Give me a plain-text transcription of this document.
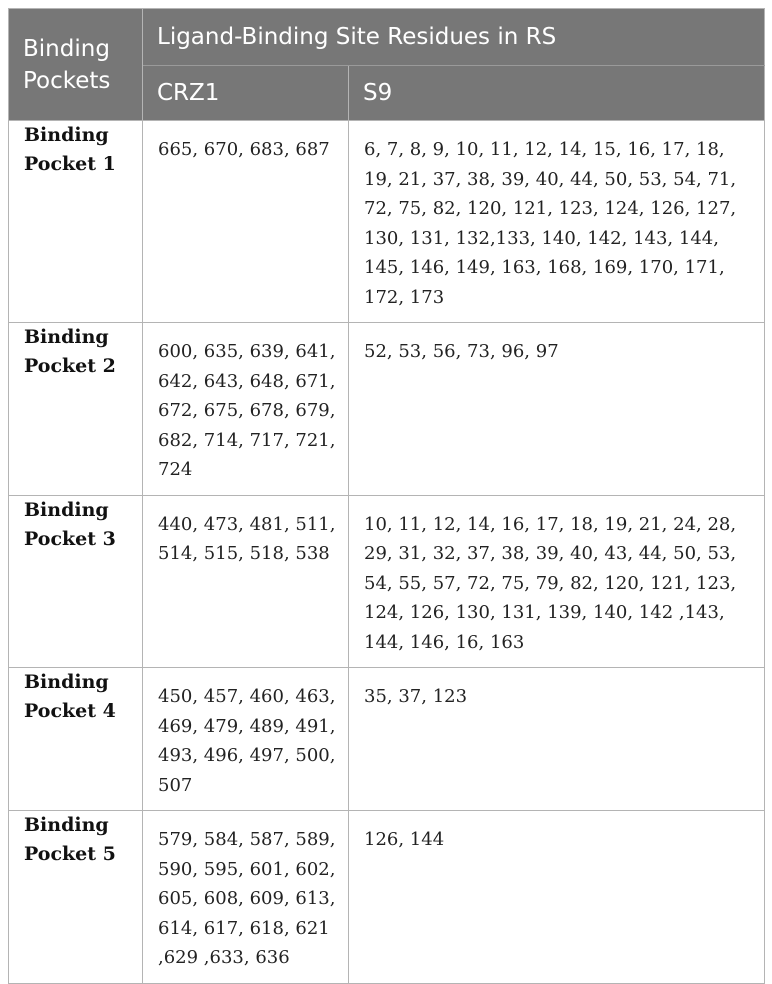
Binding Pockets	Ligand-Binding Site Residues in RS	
	CRZ1	S9
Binding Pocket 1	665, 670, 683, 687	6, 7, 8, 9, 10, 11, 12, 14, 15, 16, 17, 18, 19, 21, 37, 38, 39, 40, 44, 50, 53, 54, 71, 72, 75, 82, 120, 121, 123, 124, 126, 127, 130, 131, 132,133, 140, 142, 143, 144, 145, 146, 149, 163, 168, 169, 170, 171, 172, 173
Binding Pocket 2	600, 635, 639, 641, 642, 643, 648, 671, 672, 675, 678, 679, 682, 714, 717, 721, 724	52, 53, 56, 73, 96, 97
Binding Pocket 3	440, 473, 481, 511, 514, 515, 518, 538	10, 11, 12, 14, 16, 17, 18, 19, 21, 24, 28, 29, 31, 32, 37, 38, 39, 40, 43, 44, 50, 53, 54, 55, 57, 72, 75, 79, 82, 120, 121, 123, 124, 126, 130, 131, 139, 140, 142 ,143, 144, 146, 16, 163
Binding Pocket 4	450, 457, 460, 463, 469, 479, 489, 491, 493, 496, 497, 500, 507	35, 37, 123
Binding Pocket 5	579, 584, 587, 589, 590, 595, 601, 602, 605, 608, 609, 613, 614, 617, 618, 621 ,629 ,633, 636	126, 144
